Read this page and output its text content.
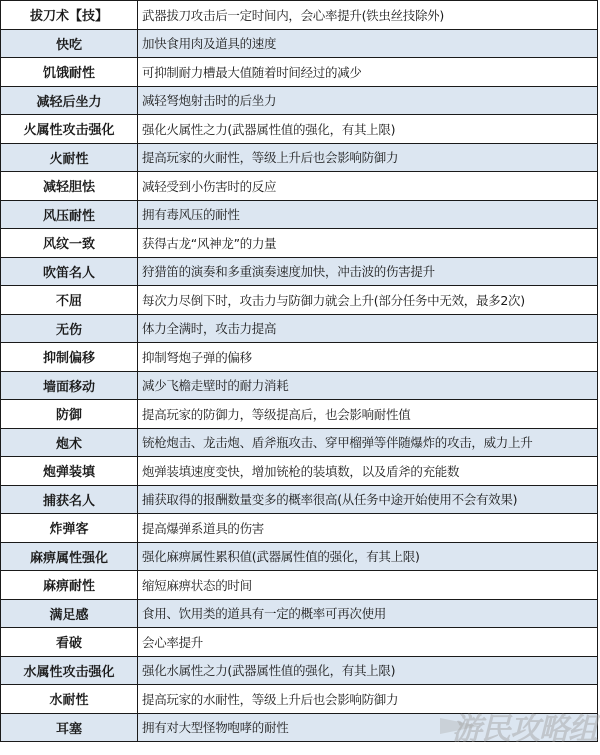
拔刀术【技】	武器拔刀攻击后一定时间内，会心率提升(铁虫丝技除外)
快吃	加快食用肉及道具的速度
饥饿耐性	可抑制耐力槽最大值随着时间经过的减少
减轻后坐力	减轻弩炮射击时的后坐力
火属性攻击强化	强化火属性之力(武器属性值的强化，有其上限)
火耐性	提高玩家的火耐性，等级上升后也会影响防御力
减轻胆怯	减轻受到小伤害时的反应
风压耐性	拥有毒风压的耐性
风纹一致	获得古龙“风神龙”的力量
吹笛名人	狩猎笛的演奏和多重演奏速度加快，冲击波的伤害提升
不屈	每次力尽倒下时，攻击力与防御力就会上升(部分任务中无效，最多2次)
无伤	体力全满时，攻击力提高
抑制偏移	抑制弩炮子弹的偏移
墙面移动	减少飞檐走壁时的耐力消耗
防御	提高玩家的防御力，等级提高后，也会影响耐性值
炮术	铳枪炮击、龙击炮、盾斧瓶攻击、穿甲榴弹等伴随爆炸的攻击，威力上升
炮弹装填	炮弹装填速度变快，增加铳枪的装填数，以及盾斧的充能数
捕获名人	捕获取得的报酬数量变多的概率很高(从任务中途开始使用不会有效果)
炸弹客	提高爆弹系道具的伤害
麻痹属性强化	强化麻痹属性累积值(武器属性值的强化，有其上限)
麻痹耐性	缩短麻痹状态的时间
满足感	食用、饮用类的道具有一定的概率可再次使用
看破	会心率提升
水属性攻击强化	强化水属性之力(武器属性值的强化，有其上限)
水耐性	提高玩家的水耐性，等级上升后也会影响防御力
耳塞	拥有对大型怪物咆哮的耐性	游民攻略组
